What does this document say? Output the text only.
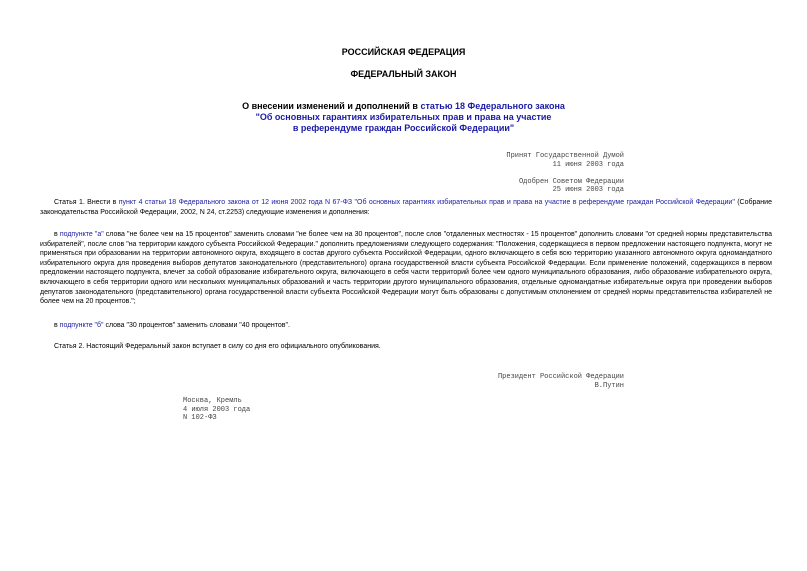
РОССИЙСКАЯ ФЕДЕРАЦИЯ
ФЕДЕРАЛЬНЫЙ ЗАКОН
О внесении изменений и дополнений в статью 18 Федерального закона
"Об основных гарантиях избирательных прав и права на участие
в референдуме граждан Российской Федерации"
Принят Государственной Думой
11 июня 2003 года
Одобрен Советом Федерации
25 июня 2003 года
Статья 1. Внести в пункт 4 статьи 18 Федерального закона от 12 июня 2002 года N 67-ФЗ "Об основных гарантиях избирательных прав и права на участие в референдуме граждан Российской Федерации" (Собрание законодательства Российской Федерации, 2002, N 24, ст.2253) следующие изменения и дополнения:
в подпункте "а" слова "не более чем на 15 процентов" заменить словами "не более чем на 30 процентов", после слов "отдаленных местностях - 15 процентов" дополнить словами "от средней нормы представительства избирателей", после слов "на территории каждого субъекта Российской Федерации." дополнить предложениями следующего содержания: "Положения, содержащиеся в первом предложении настоящего подпункта, могут не применяться при образовании на территории автономного округа, входящего в состав другого субъекта Российской Федерации, одного включающего в себя всю территорию указанного автономного округа одномандатного избирательного округа для проведения выборов депутатов законодательного (представительного) органа государственной власти субъекта Российской Федерации. Если применение положений, содержащихся в первом предложении настоящего подпункта, влечет за собой образование избирательного округа, включающего в себя части территорий более чем одного муниципального образования, либо образование избирательного округа, включающего в себя территории одного или нескольких муниципальных образований и часть территории другого муниципального образования, отдельные одномандатные избирательные округа при проведении выборов депутатов законодательного (представительного) органа государственной власти субъекта Российской Федерации могут быть образованы с допустимым отклонением от средней нормы представительства избирателей не более чем на 20 процентов.";
в подпункте "б" слова "30 процентов" заменить словами "40 процентов".
Статья 2. Настоящий Федеральный закон вступает в силу со дня его официального опубликования.
Президент Российской Федерации
В.Путин
Москва, Кремль
4 июля 2003 года
N 102-ФЗ
